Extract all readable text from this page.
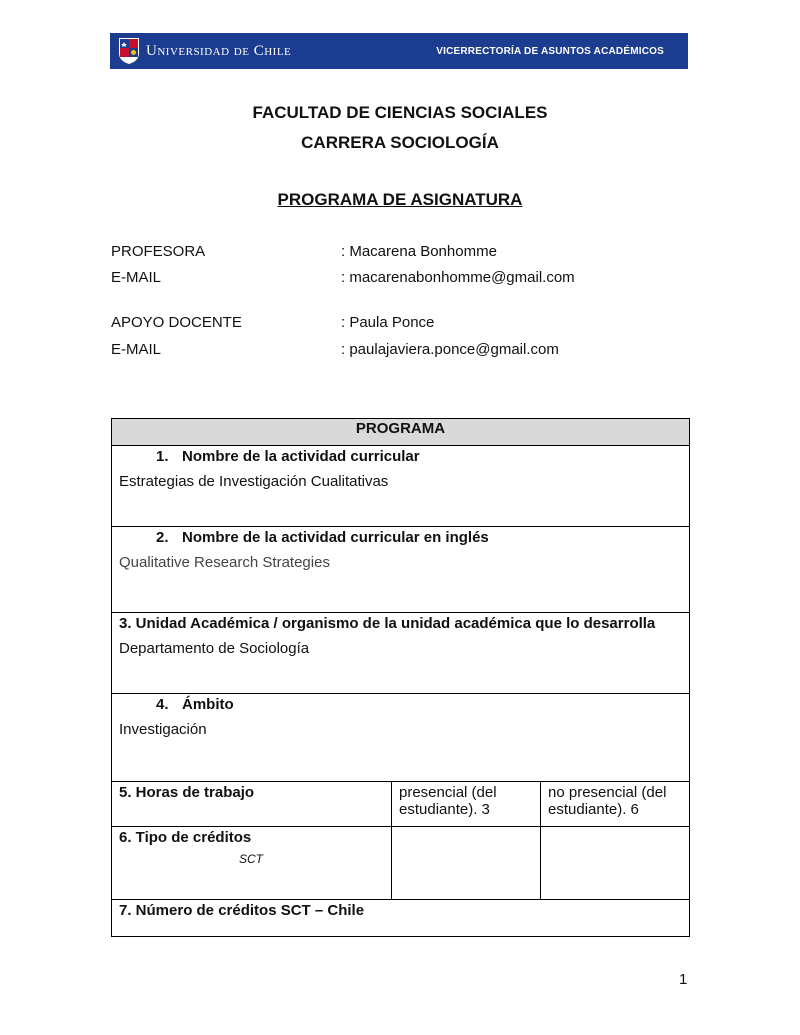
Universidad de Chile	VICERRECTORÍA DE ASUNTOS ACADÉMICOS
FACULTAD DE CIENCIAS SOCIALES
CARRERA SOCIOLOGÍA
PROGRAMA DE ASIGNATURA
PROFESORA	: Macarena Bonhomme
E-MAIL	: macarenabonhomme@gmail.com
APOYO DOCENTE	: Paula Ponce
E-MAIL	: paulajaviera.ponce@gmail.com
PROGRAMA		

1. Nombre de la actividad curricular
Estrategias de Investigación Cualitativas		

2. Nombre de la actividad curricular en inglés
Qualitative Research Strategies		

3. Unidad Académica / organismo de la unidad académica que lo desarrolla
Departamento de Sociología		

4. Ámbito
Investigación		

5. Horas de trabajo	presencial (del estudiante). 3	no presencial (del estudiante). 6

6. Tipo de créditos
SCT		

7. Número de créditos SCT – Chile		
1
